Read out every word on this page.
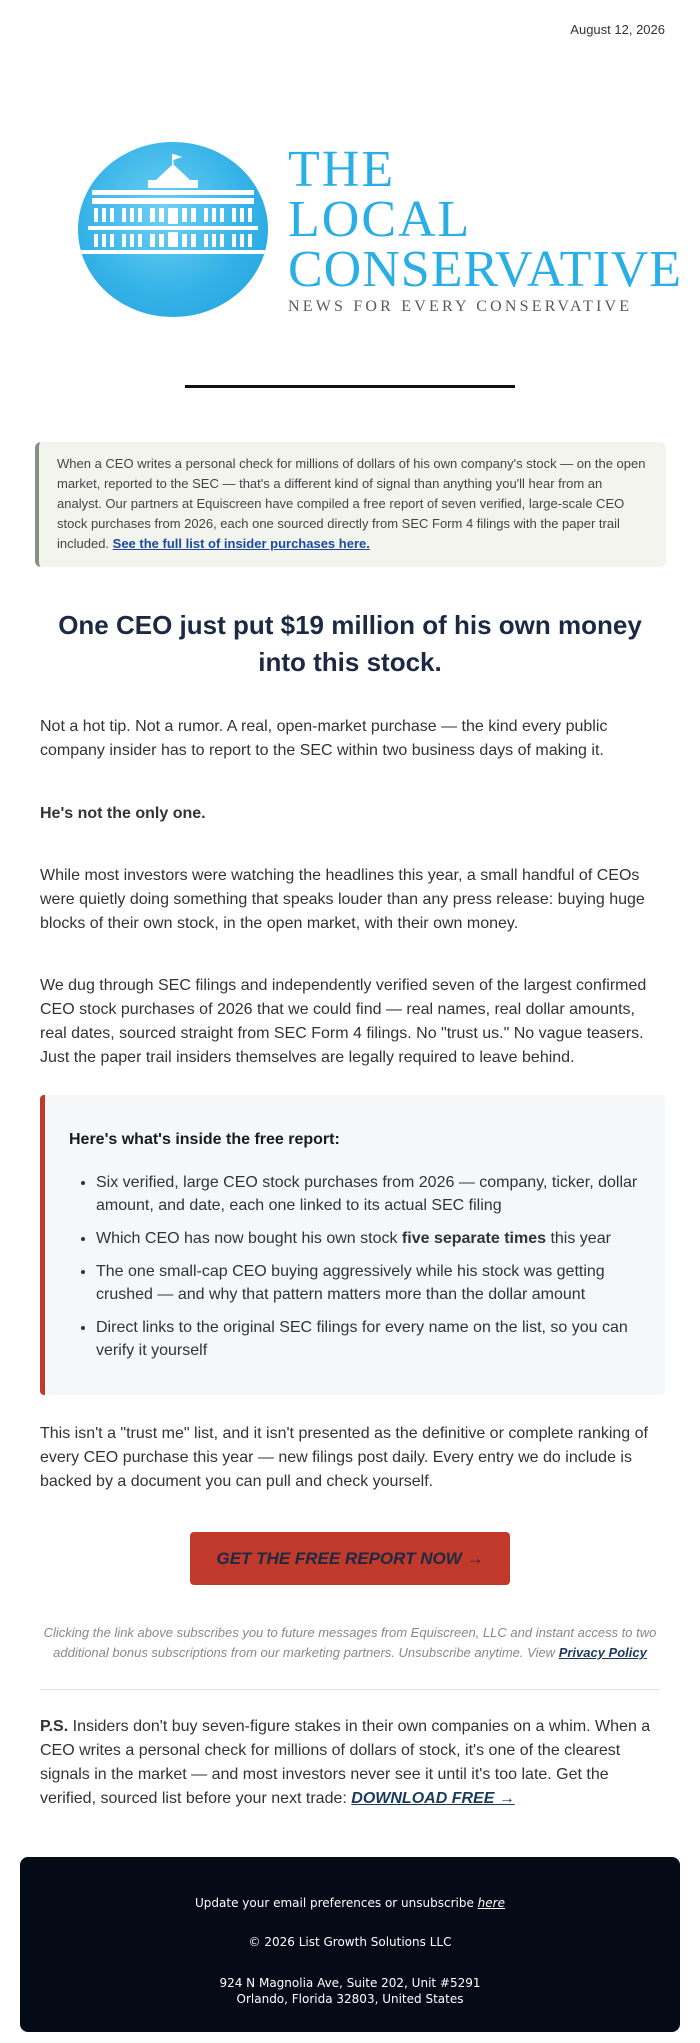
August 12, 2026
THE
LOCAL
CONSERVATIVE
NEWS FOR EVERY CONSERVATIVE
When a CEO writes a personal check for millions of dollars of his own company's stock — on the open market, reported to the SEC — that's a different kind of signal than anything you'll hear from an analyst. Our partners at Equiscreen have compiled a free report of seven verified, large-scale CEO stock purchases from 2026, each one sourced directly from SEC Form 4 filings with the paper trail included. See the full list of insider purchases here.
One CEO just put $19 million of his own money into this stock.
Not a hot tip. Not a rumor. A real, open-market purchase — the kind every public company insider has to report to the SEC within two business days of making it.
He's not the only one.
While most investors were watching the headlines this year, a small handful of CEOs were quietly doing something that speaks louder than any press release: buying huge blocks of their own stock, in the open market, with their own money.
We dug through SEC filings and independently verified seven of the largest confirmed CEO stock purchases of 2026 that we could find — real names, real dollar amounts, real dates, sourced straight from SEC Form 4 filings. No "trust us." No vague teasers. Just the paper trail insiders themselves are legally required to leave behind.
Here's what's inside the free report:
• Six verified, large CEO stock purchases from 2026 — company, ticker, dollar amount, and date, each one linked to its actual SEC filing
• Which CEO has now bought his own stock five separate times this year
• The one small-cap CEO buying aggressively while his stock was getting crushed — and why that pattern matters more than the dollar amount
• Direct links to the original SEC filings for every name on the list, so you can verify it yourself
This isn't a "trust me" list, and it isn't presented as the definitive or complete ranking of every CEO purchase this year — new filings post daily. Every entry we do include is backed by a document you can pull and check yourself.
GET THE FREE REPORT NOW →
Clicking the link above subscribes you to future messages from Equiscreen, LLC and instant access to two additional bonus subscriptions from our marketing partners. Unsubscribe anytime. View Privacy Policy
P.S. Insiders don't buy seven-figure stakes in their own companies on a whim. When a CEO writes a personal check for millions of dollars of stock, it's one of the clearest signals in the market — and most investors never see it until it's too late. Get the verified, sourced list before your next trade: DOWNLOAD FREE →
Update your email preferences or unsubscribe here
© 2026 List Growth Solutions LLC
924 N Magnolia Ave, Suite 202, Unit #5291
Orlando, Florida 32803, United States
